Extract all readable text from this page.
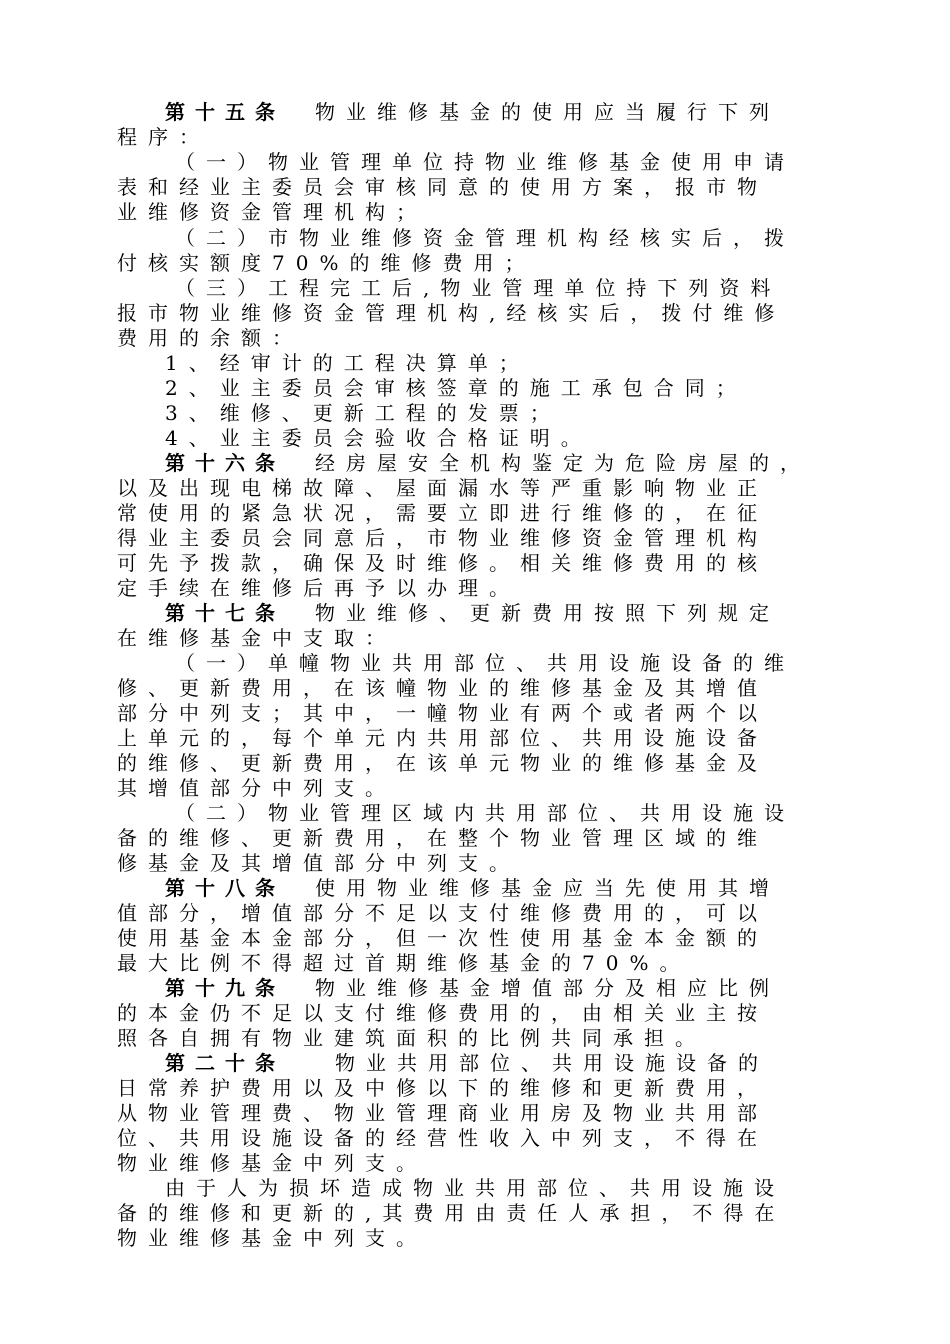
第十五条 物业维修基金的使用应当履行下列
程序：
（一）物业管理单位持物业维修基金使用申请
表和经业主委员会审核同意的使用方案，报市物
业维修资金管理机构；
（二）市物业维修资金管理机构经核实后，拨
付核实额度70%的维修费用；
（三）工程完工后,物业管理单位持下列资料
报市物业维修资金管理机构,经核实后，拨付维修
费用的余额：
1、经审计的工程决算单；
2、业主委员会审核签章的施工承包合同；
3、维修、更新工程的发票；
4、业主委员会验收合格证明。
第十六条 经房屋安全机构鉴定为危险房屋的，
以及出现电梯故障、屋面漏水等严重影响物业正
常使用的紧急状况，需要立即进行维修的，在征
得业主委员会同意后，市物业维修资金管理机构
可先予拨款，确保及时维修。相关维修费用的核
定手续在维修后再予以办理。
第十七条 物业维修、更新费用按照下列规定
在维修基金中支取：
（一）单幢物业共用部位、共用设施设备的维
修、更新费用，在该幢物业的维修基金及其增值
部分中列支；其中，一幢物业有两个或者两个以
上单元的，每个单元内共用部位、共用设施设备
的维修、更新费用，在该单元物业的维修基金及
其增值部分中列支。
（二）物业管理区域内共用部位、共用设施设
备的维修、更新费用，在整个物业管理区域的维
修基金及其增值部分中列支。
第十八条 使用物业维修基金应当先使用其增
值部分，增值部分不足以支付维修费用的，可以
使用基金本金部分，但一次性使用基金本金额的
最大比例不得超过首期维修基金的70%。
第十九条 物业维修基金增值部分及相应比例
的本金仍不足以支付维修费用的，由相关业主按
照各自拥有物业建筑面积的比例共同承担。
第二十条	物业共用部位、共用设施设备的
日常养护费用以及中修以下的维修和更新费用，
从物业管理费、物业管理商业用房及物业共用部
位、共用设施设备的经营性收入中列支，不得在
物业维修基金中列支。
由于人为损坏造成物业共用部位、共用设施设
备的维修和更新的,其费用由责任人承担，不得在
物业维修基金中列支。
